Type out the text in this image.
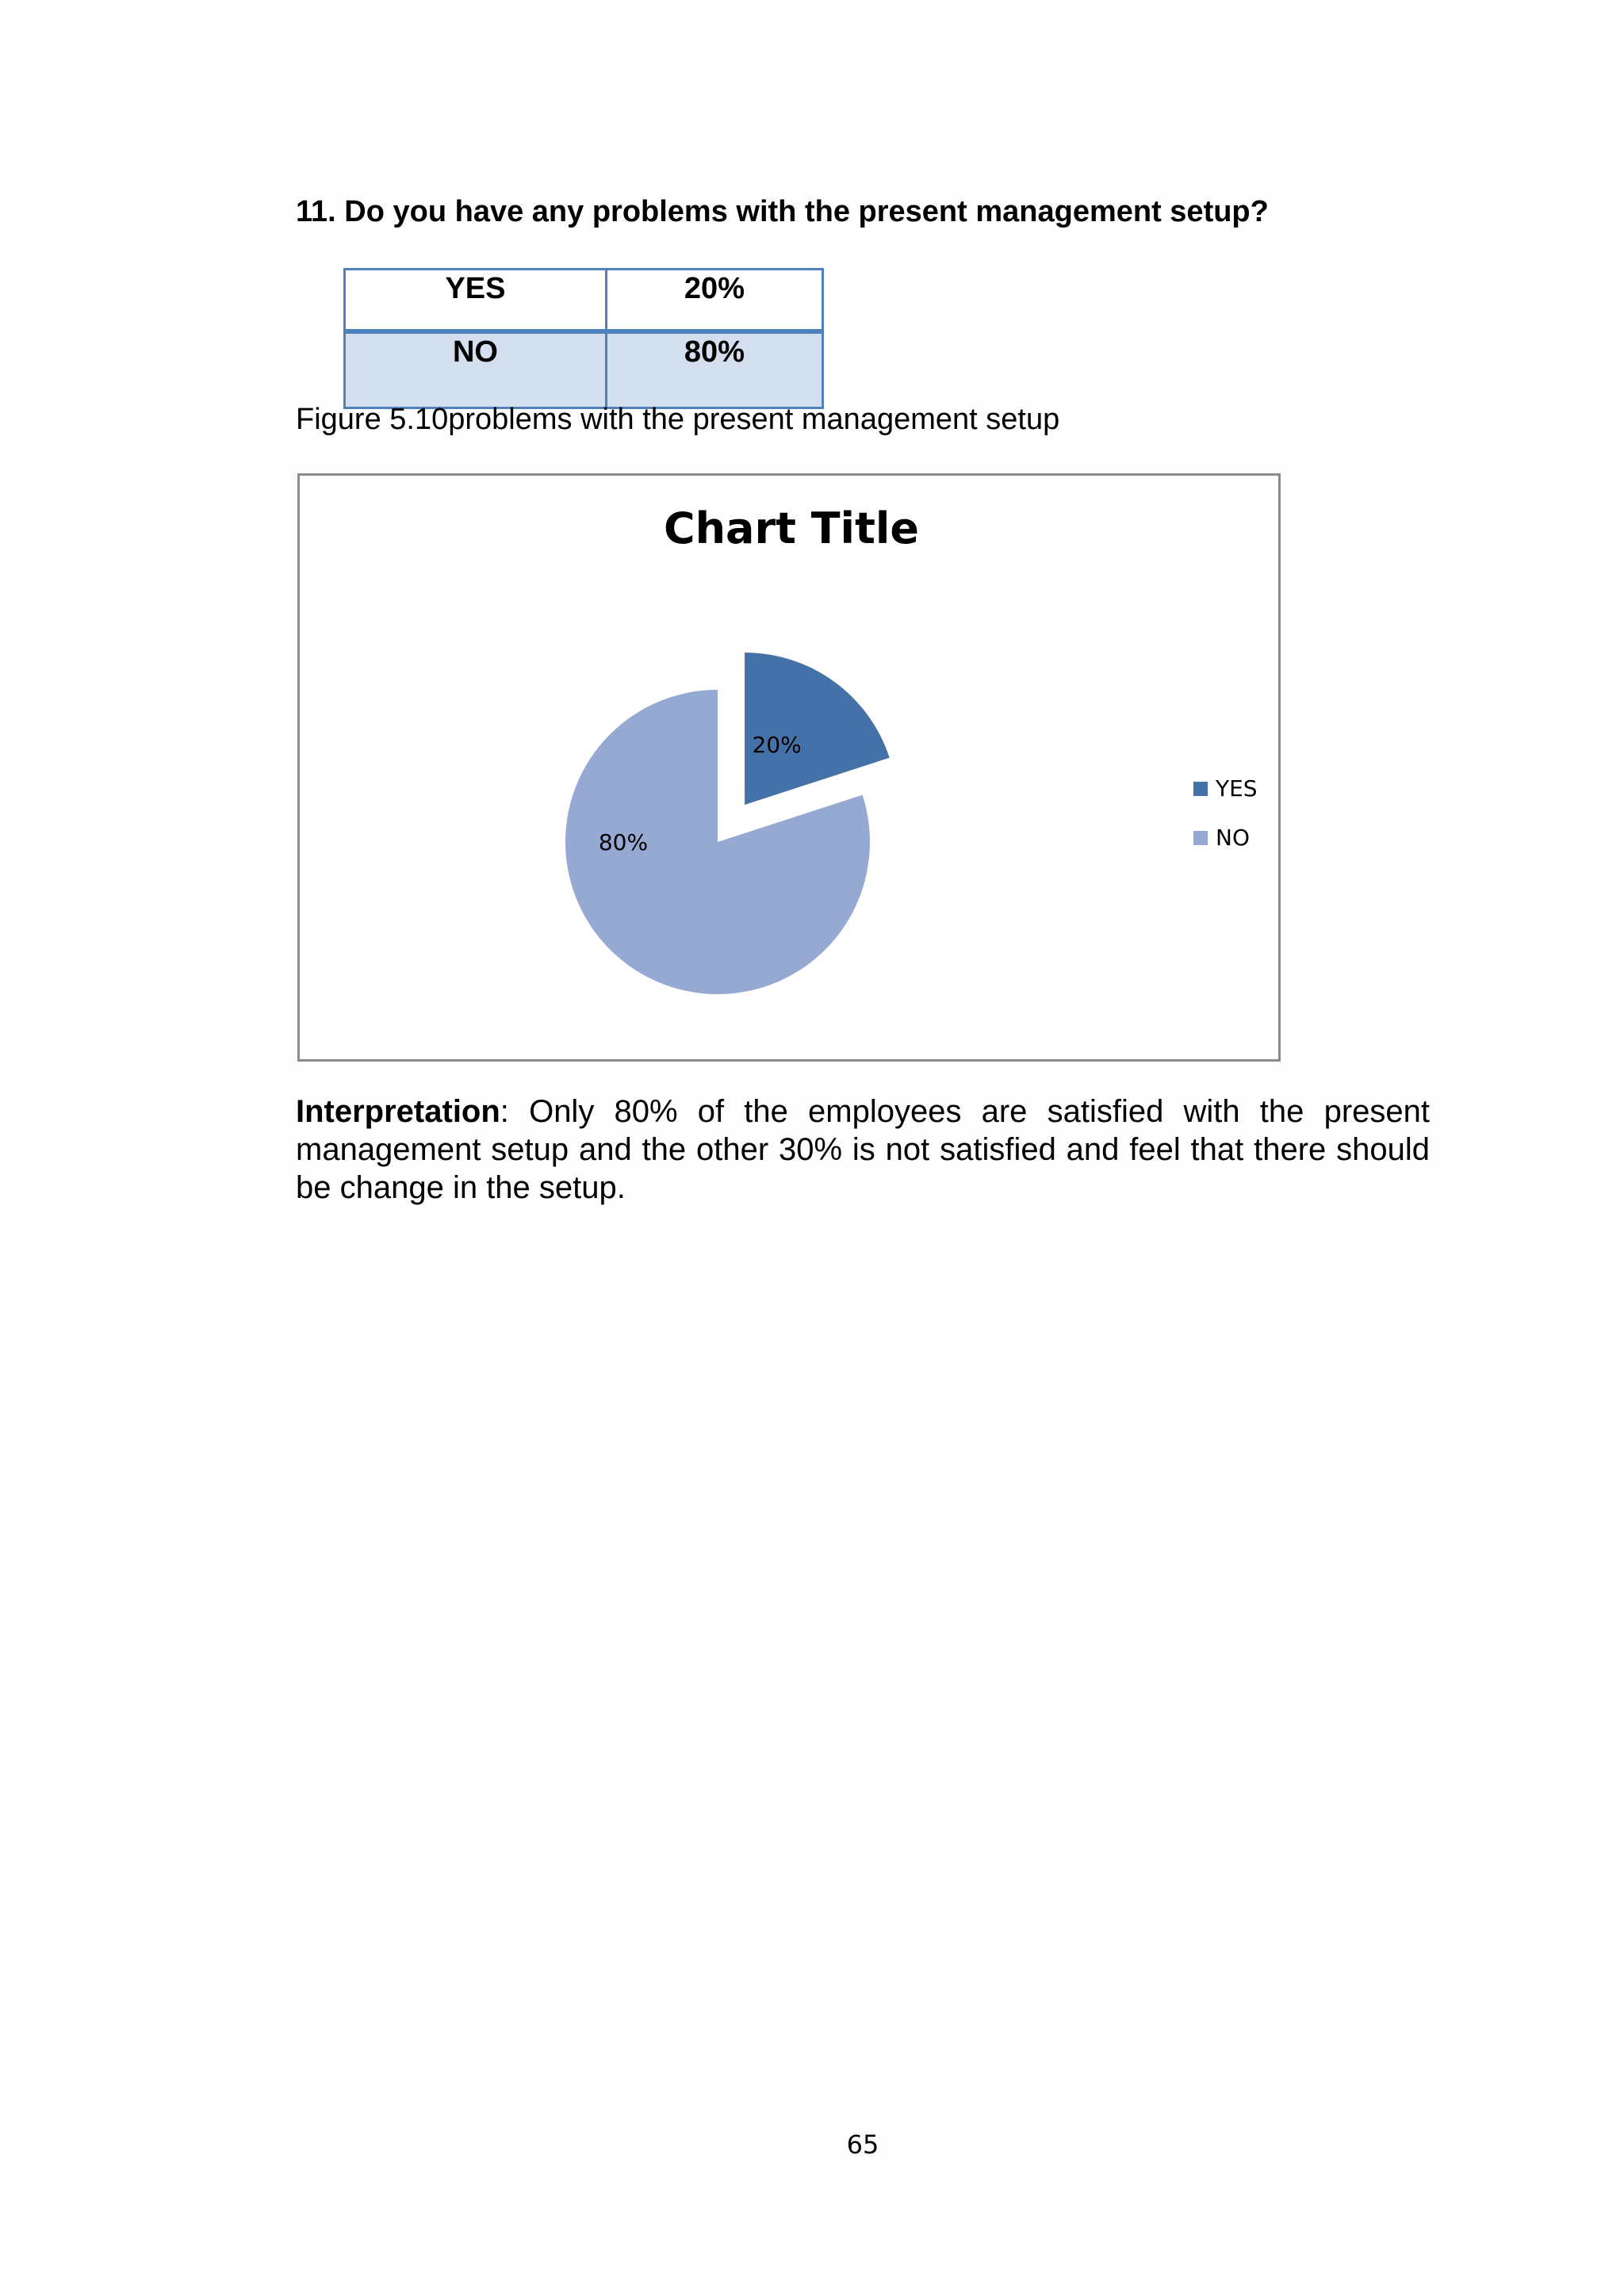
11. Do you have any problems with the present management setup?
YES	20%
NO	80%
Figure 5.10problems with the present management setup
Chart Title
20%
80%
YES
NO
Interpretation: Only 80% of the employees are satisfied with the present management setup and the other 30% is not satisfied and feel that there should be change in the setup.
65
